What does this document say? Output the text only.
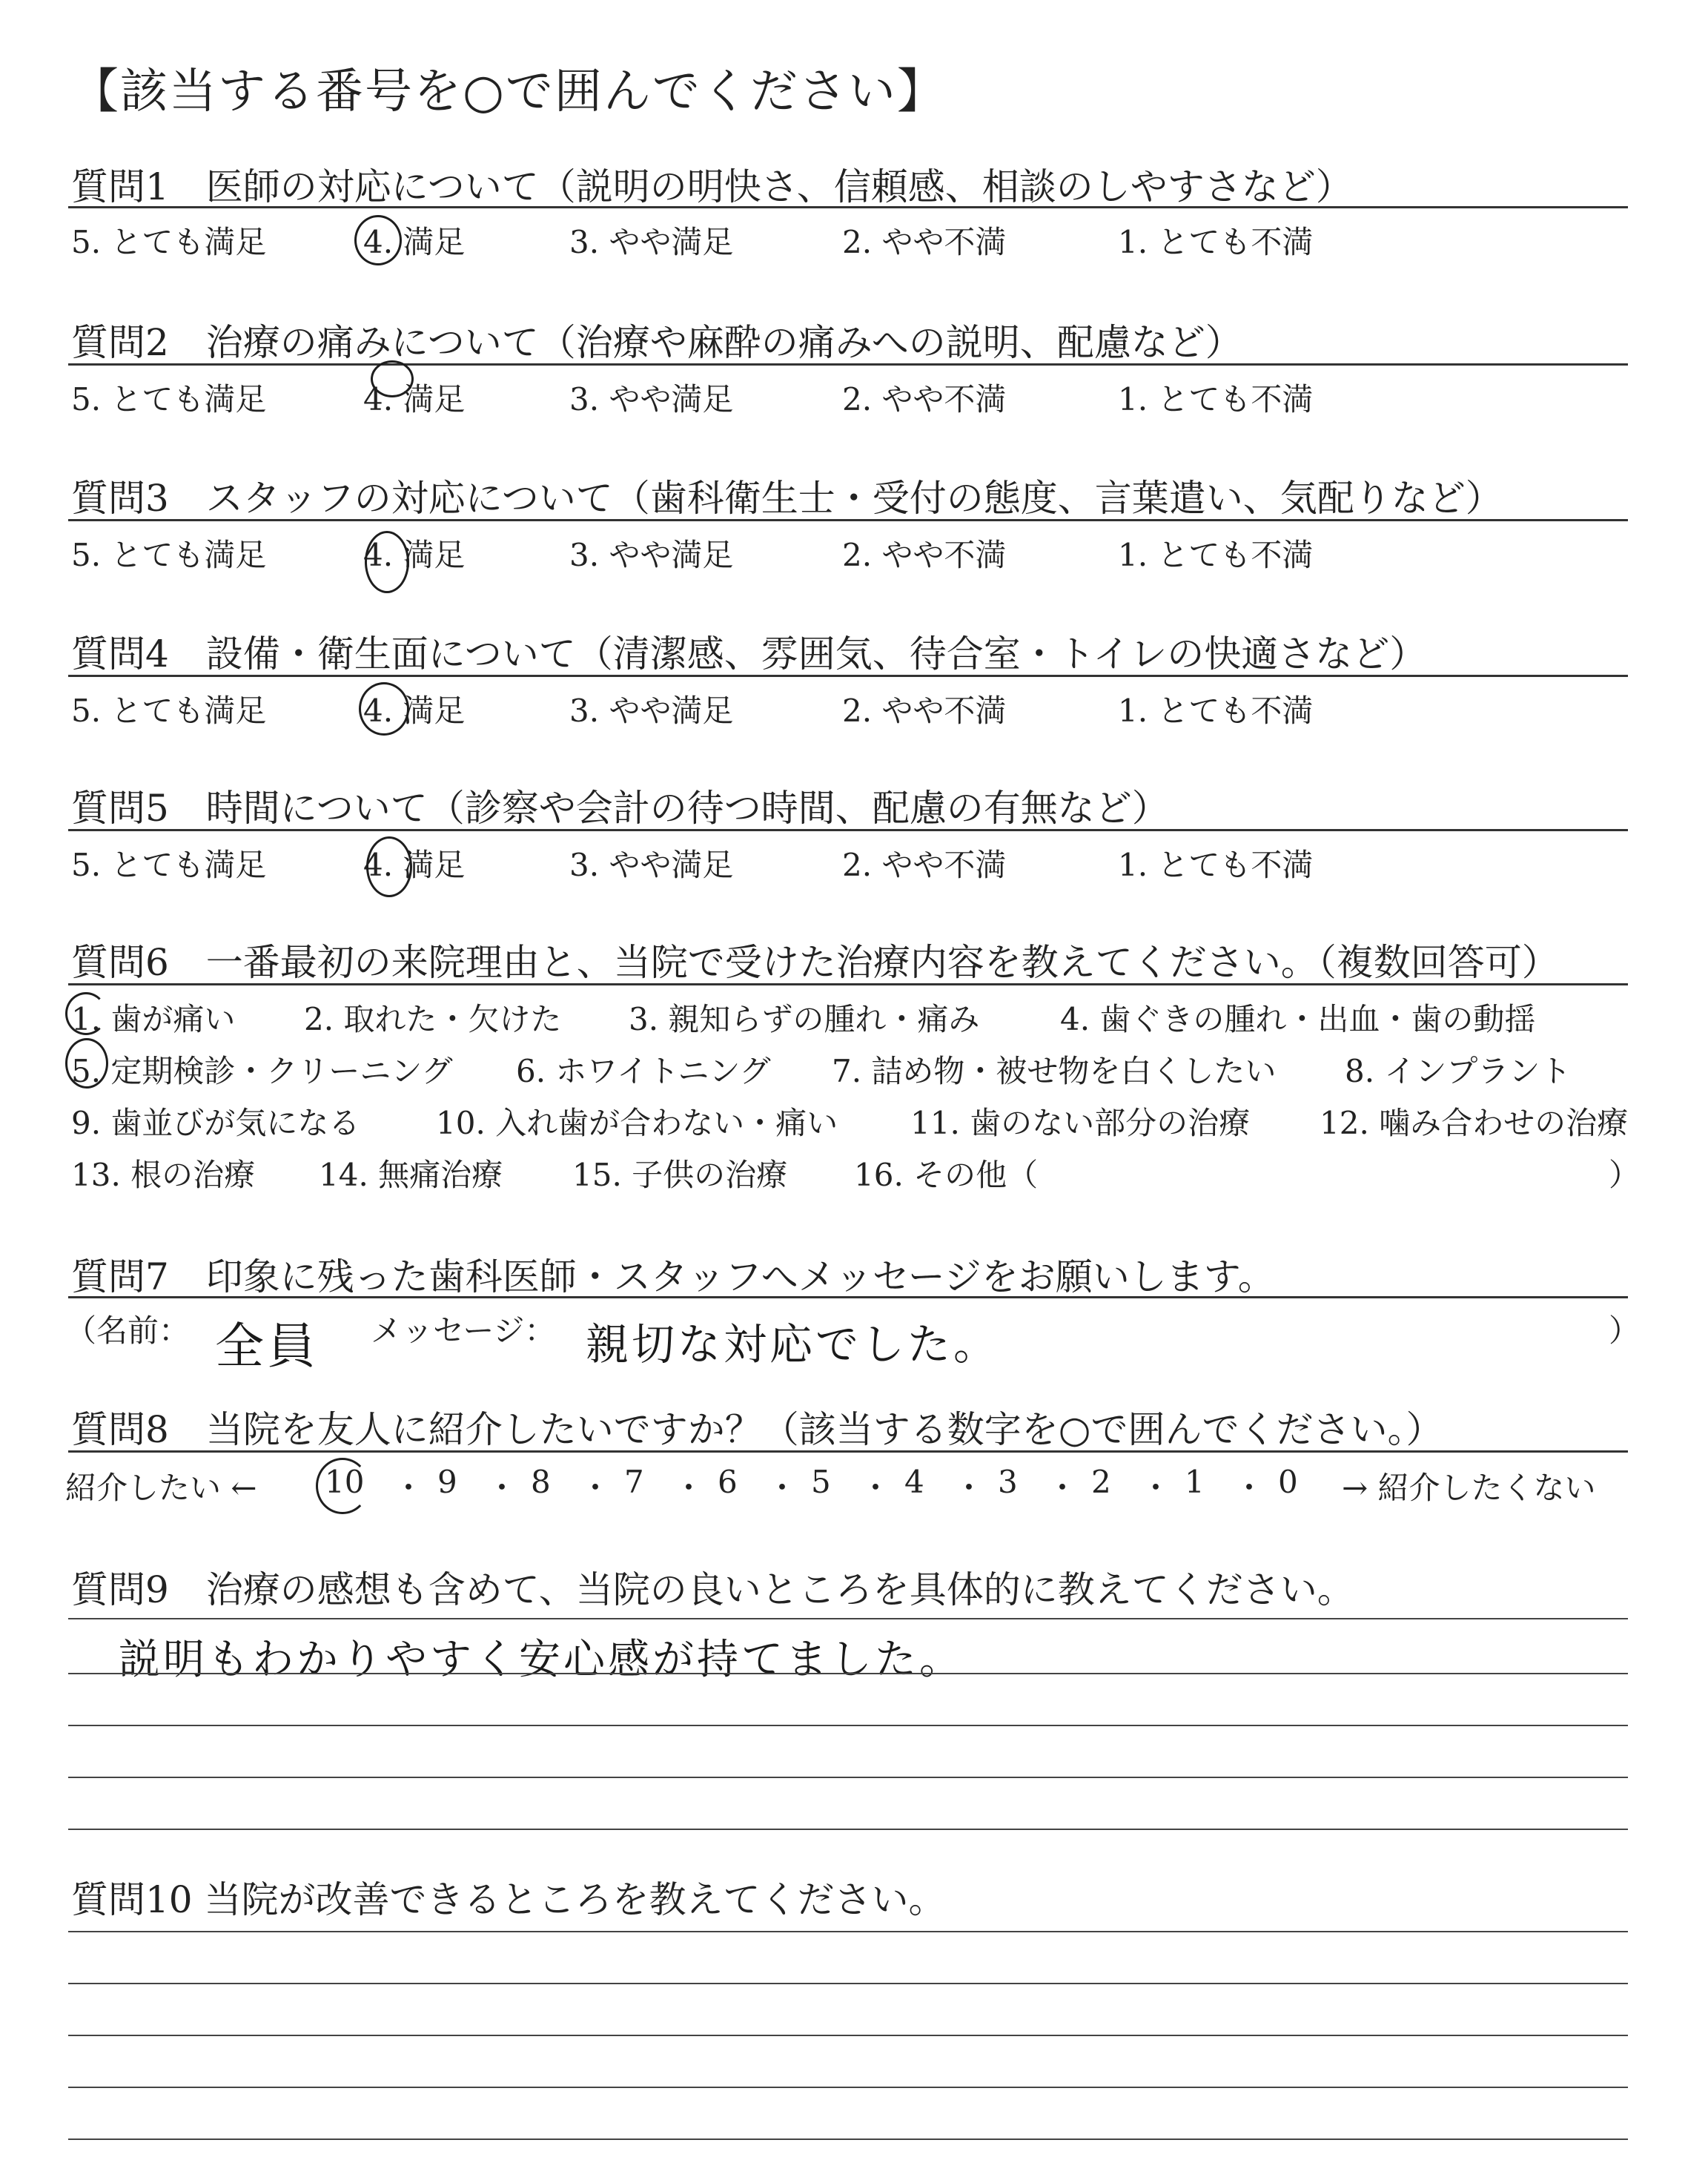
【該当する番号を○で囲んでください】
質問1　医師の対応について（説明の明快さ、信頼感、相談のしやすさなど）
5. とても満足	4. 満足	3. やや満足	2. やや不満	1. とても不満
質問2　治療の痛みについて（治療や麻酔の痛みへの説明、配慮など）
5. とても満足	4. 満足	3. やや満足	2. やや不満	1. とても不満
質問3　スタッフの対応について（歯科衛生士・受付の態度、言葉遣い、気配りなど）
5. とても満足	4. 満足	3. やや満足	2. やや不満	1. とても不満
質問4　設備・衛生面について（清潔感、雰囲気、待合室・トイレの快適さなど）
5. とても満足	4. 満足	3. やや満足	2. やや不満	1. とても不満
質問5　時間について（診察や会計の待つ時間、配慮の有無など）
5. とても満足	4. 満足	3. やや満足	2. やや不満	1. とても不満
質問6　一番最初の来院理由と、当院で受けた治療内容を教えてください。（複数回答可）
1. 歯が痛い 2. 取れた・欠けた 3. 親知らずの腫れ・痛み	4. 歯ぐきの腫れ・出血・歯の動揺
5. 定期検診・クリーニング 6. ホワイトニング 7. 詰め物・被せ物を白くしたい 8. インプラント
9. 歯並びが気になる 10. 入れ歯が合わない・痛い 11. 歯のない部分の治療 12. 噛み合わせの治療
13. 根の治療 14. 無痛治療 15. 子供の治療 16. その他（	）
質問7　印象に残った歯科医師・スタッフへメッセージをお願いします。
（名前： 全員 メッセージ： 親切な対応でした。	）
質問8　当院を友人に紹介したいですか？（該当する数字を○で囲んでください。）
紹介したい ← 10 ・ 9 ・ 8 ・ 7 ・ 6 ・ 5 ・ 4 ・ 3 ・ 2 ・ 1 ・ 0 → 紹介したくない
質問9　治療の感想も含めて、当院の良いところを具体的に教えてください。
説明もわかりやすく安心感が持てました。
質問10 当院が改善できるところを教えてください。
